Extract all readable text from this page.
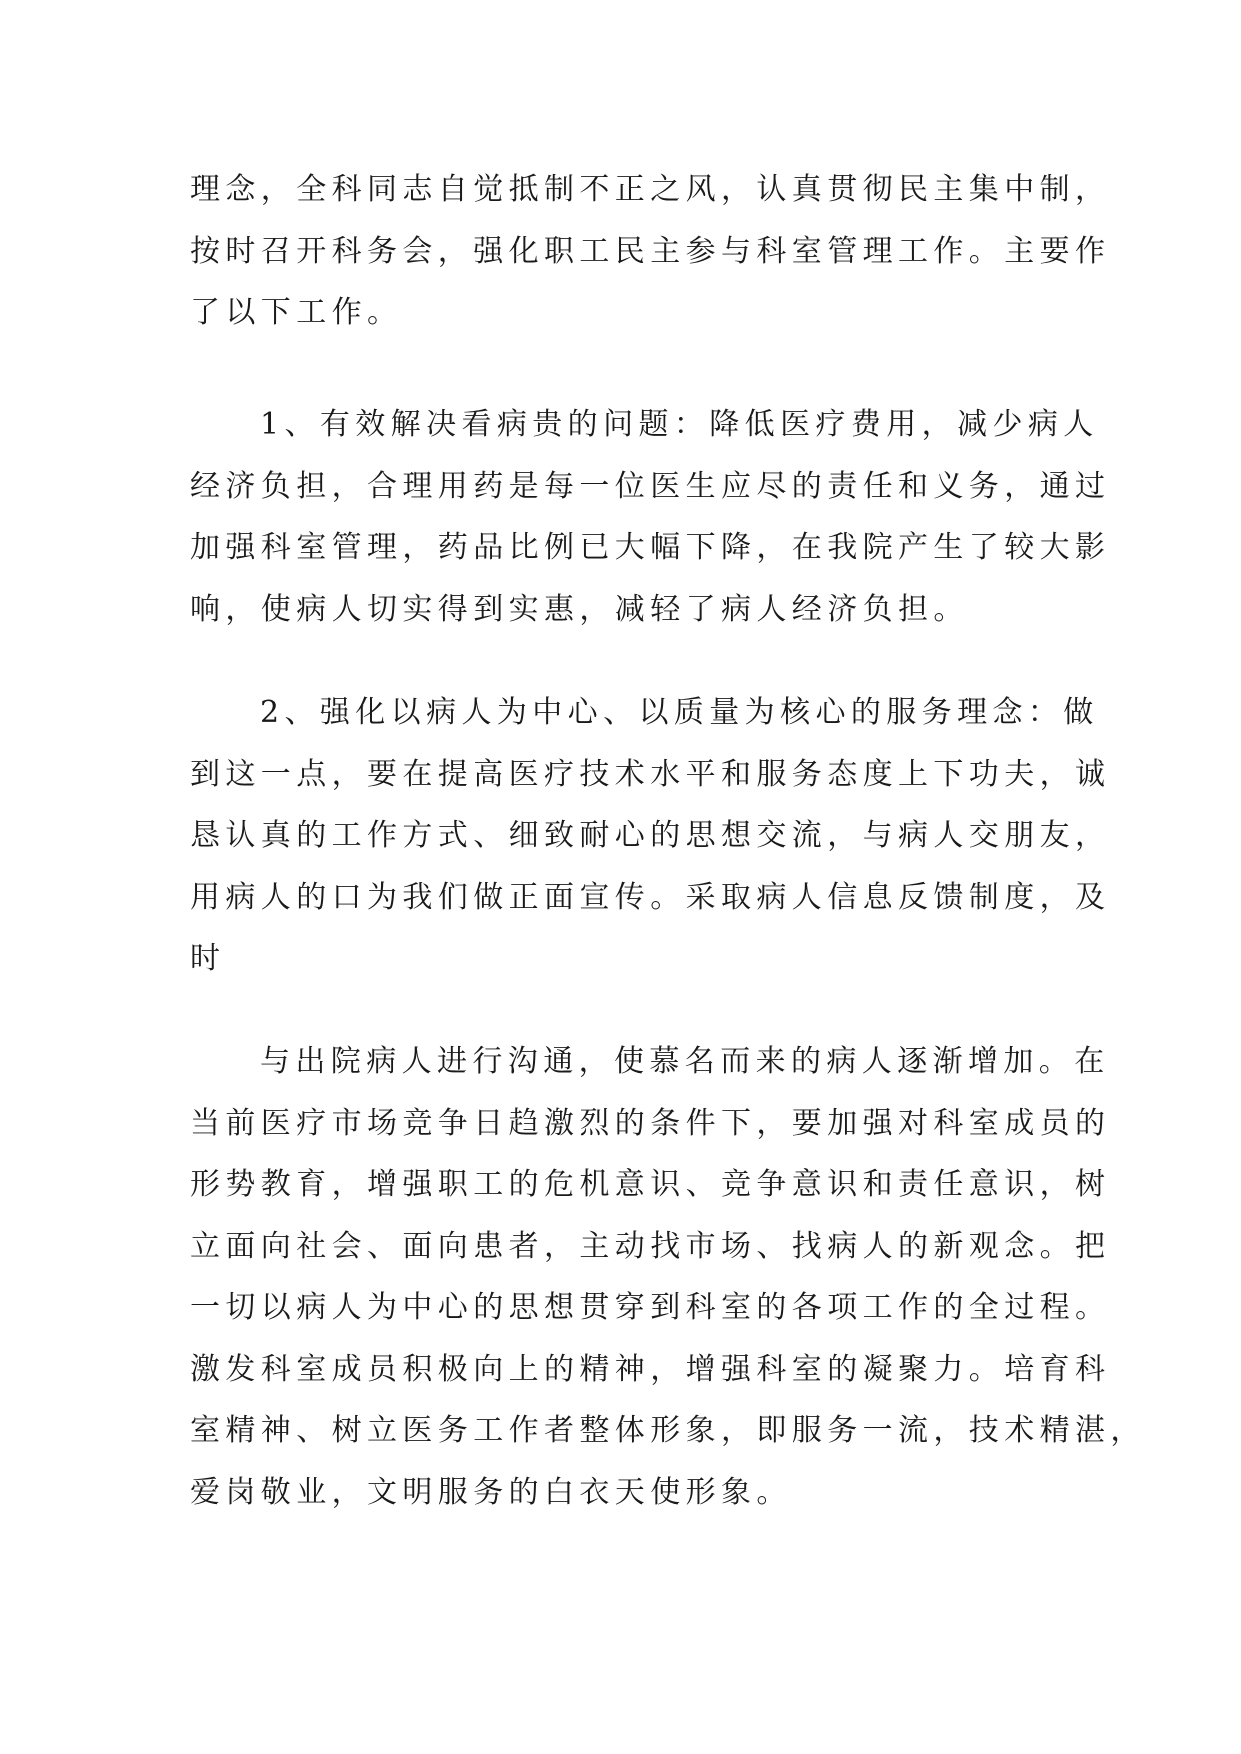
理念，全科同志自觉抵制不正之风，认真贯彻民主集中制，
按时召开科务会，强化职工民主参与科室管理工作。主要作
了以下工作。
1、有效解决看病贵的问题：降低医疗费用，减少病人
经济负担，合理用药是每一位医生应尽的责任和义务，通过
加强科室管理，药品比例已大幅下降，在我院产生了较大影
响，使病人切实得到实惠，减轻了病人经济负担。
2、强化以病人为中心、以质量为核心的服务理念：做
到这一点，要在提高医疗技术水平和服务态度上下功夫，诚
恳认真的工作方式、细致耐心的思想交流，与病人交朋友，
用病人的口为我们做正面宣传。采取病人信息反馈制度，及
时
与出院病人进行沟通，使慕名而来的病人逐渐增加。在
当前医疗市场竞争日趋激烈的条件下，要加强对科室成员的
形势教育，增强职工的危机意识、竞争意识和责任意识，树
立面向社会、面向患者，主动找市场、找病人的新观念。把
一切以病人为中心的思想贯穿到科室的各项工作的全过程。
激发科室成员积极向上的精神，增强科室的凝聚力。培育科
室精神、树立医务工作者整体形象，即服务一流，技术精湛，
爱岗敬业，文明服务的白衣天使形象。
